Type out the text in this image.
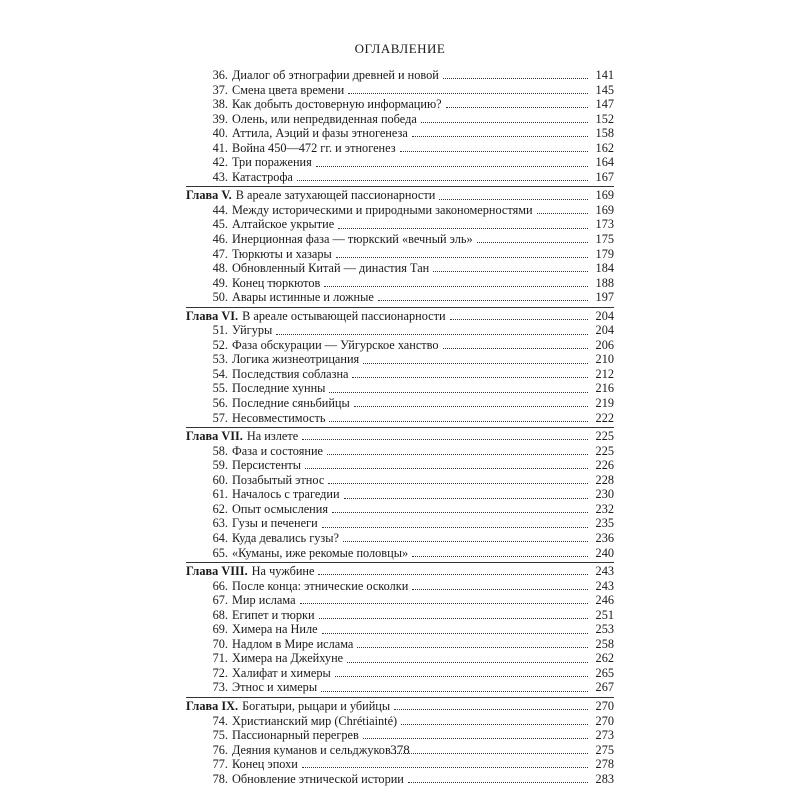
ОГЛАВЛЕНИЕ
36. Диалог об этнографии древней и новой	141
37. Смена цвета времени	145
38. Как добыть достоверную информацию?	147
39. Олень, или непредвиденная победа	152
40. Аттила, Аэций и фазы этногенеза	158
41. Война 450—472 гг. и этногенез	162
42. Три поражения	164
43. Катастрофа	167
Глава V. В ареале затухающей пассионарности	169
44. Между историческими и природными закономерностями	169
45. Алтайское укрытие	173
46. Инерционная фаза — тюркский «вечный эль»	175
47. Тюркюты и хазары	179
48. Обновленный Китай — династия Тан	184
49. Конец тюркютов	188
50. Авары истинные и ложные	197
Глава VI. В ареале остывающей пассионарности	204
51. Уйгуры	204
52. Фаза обскурации — Уйгурское ханство	206
53. Логика жизнеотрицания	210
54. Последствия соблазна	212
55. Последние хунны	216
56. Последние сяньбийцы	219
57. Несовместимость	222
Глава VII. На излете	225
58. Фаза и состояние	225
59. Персистенты	226
60. Позабытый этнос	228
61. Началось с трагедии	230
62. Опыт осмысления	232
63. Гузы и печенеги	235
64. Куда девались гузы?	236
65. «Куманы, иже рекомые половцы»	240
Глава VIII. На чужбине	243
66. После конца: этнические осколки	243
67. Мир ислама	246
68. Египет и тюрки	251
69. Химера на Ниле	253
70. Надлом в Мире ислама	258
71. Химера на Джейхуне	262
72. Халифат и химеры	265
73. Этнос и химеры	267
Глава IX. Богатыри, рыцари и убийцы	270
74. Христианский мир (Chrétiainté)	270
75. Пассионарный перегрев	273
76. Деяния куманов и сельджуков	275
77. Конец эпохи	278
78. Обновление этнической истории	283
378
